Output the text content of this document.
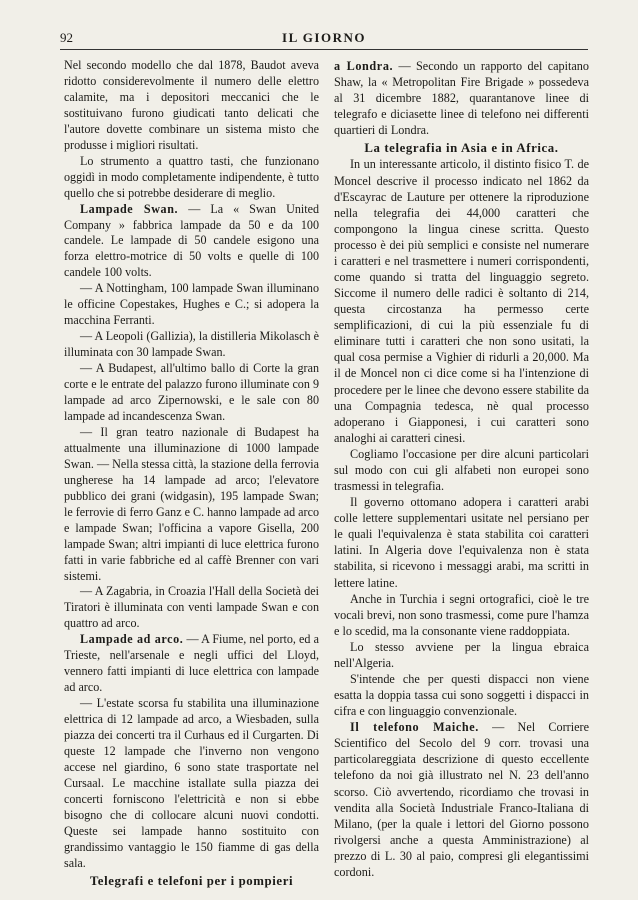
92	IL GIORNO

Nel secondo modello che dal 1878, Baudot aveva ridotto considerevolmente il numero delle elettro calamite, ma i depositori meccanici che le sostituivano furono giudicati tanto delicati che l'autore dovette combinare un sistema misto che produsse i migliori risultati.

Lo strumento a quattro tasti, che funzionano oggidì in modo completamente indipendente, è tutto quello che si potrebbe desiderare di meglio.

Lampade Swan. — La « Swan United Company » fabbrica lampade da 50 e da 100 candele. Le lampade di 50 candele esigono una forza elettro-motrice di 50 volts e quelle di 100 candele 100 volts.

— A Nottingham, 100 lampade Swan illuminano le officine Copestakes, Hughes e C.; si adopera la macchina Ferranti.

— A Leopoli (Gallizia), la distilleria Mikolasch è illuminata con 30 lampade Swan.

— A Budapest, all'ultimo ballo di Corte la gran corte e le entrate del palazzo furono illuminate con 9 lampade ad arco Zipernowski, e le sale con 80 lampade ad incandescenza Swan.

— Il gran teatro nazionale di Budapest ha attualmente una illuminazione di 1000 lampade Swan. — Nella stessa città, la stazione della ferrovia ungherese ha 14 lampade ad arco; l'elevatore pubblico dei grani (widgasin), 195 lampade Swan; le ferrovie di ferro Ganz e C. hanno lampade ad arco e lampade Swan; l'officina a vapore Gisella, 200 lampade Swan; altri impianti di luce elettrica furono fatti in varie fabbriche ed al caffè Brenner con vari sistemi.

— A Zagabria, in Croazia l'Hall della Società dei Tiratori è illuminata con venti lampade Swan e con quattro ad arco.

Lampade ad arco. — A Fiume, nel porto, ed a Trieste, nell'arsenale e negli uffici del Lloyd, vennero fatti impianti di luce elettrica con lampade ad arco.

— L'estate scorsa fu stabilita una illuminazione elettrica di 12 lampade ad arco, a Wiesbaden, sulla piazza dei concerti tra il Curhaus ed il Curgarten. Di queste 12 lampade che l'inverno non vengono accese nel giardino, 6 sono state trasportate nel Cursaal. Le macchine istallate sulla piazza dei concerti forniscono l'elettricità e non si ebbe bisogno che di collocare alcuni nuovi condotti. Queste sei lampade hanno sostituito con grandissimo vantaggio le 150 fiamme di gas della sala.

Telegrafi e telefoni per i pompieri

a Londra. — Secondo un rapporto del capitano Shaw, la « Metropolitan Fire Brigade » possedeva al 31 dicembre 1882, quarantanove linee di telegrafo e diciasette linee di telefono nei differenti quartieri di Londra.

La telegrafia in Asia e in Africa.

In un interessante articolo, il distinto fisico T. de Moncel descrive il processo indicato nel 1862 da d'Escayrac de Lauture per ottenere la riproduzione nella telegrafia dei 44,000 caratteri che compongono la lingua cinese scritta. Questo processo è dei più semplici e consiste nel numerare i caratteri e nel trasmettere i numeri corrispondenti, come quando si tratta del linguaggio segreto. Siccome il numero delle radici è soltanto di 214, questa circostanza ha permesso certe semplificazioni, di cui la più essenziale fu di eliminare tutti i caratteri che non sono usitati, la qual cosa permise a Vighier di ridurli a 20,000. Ma il de Moncel non ci dice come si ha l'intenzione di procedere per le linee che devono essere stabilite da una Compagnia tedesca, nè qual processo adoperano i Giapponesi, i cui caratteri sono analoghi ai caratteri cinesi.

Cogliamo l'occasione per dire alcuni particolari sul modo con cui gli alfabeti non europei sono trasmessi in telegrafia.

Il governo ottomano adopera i caratteri arabi colle lettere supplementari usitate nel persiano per le quali l'equivalenza è stata stabilita coi caratteri latini. In Algeria dove l'equivalenza non è stata stabilita, si ricevono i messaggi arabi, ma scritti in lettere latine.

Anche in Turchia i segni ortografici, cioè le tre vocali brevi, non sono trasmessi, come pure l'hamza e lo scedid, ma la consonante viene raddoppiata.

Lo stesso avviene per la lingua ebraica nell'Algeria.

S'intende che per questi dispacci non viene esatta la doppia tassa cui sono soggetti i dispacci in cifra e con linguaggio convenzionale.

Il telefono Maiche. — Nel Corriere Scientifico del Secolo del 9 corr. trovasi una particolareggiata descrizione di questo eccellente telefono da noi già illustrato nel N. 23 dell'anno scorso. Ciò avvertendo, ricordiamo che trovasi in vendita alla Società Industriale Franco-Italiana di Milano, (per la quale i lettori del Giorno possono rivolgersi anche a questa Amministrazione) al prezzo di L. 30 al paio, compresi gli elegantissimi cordoni.
